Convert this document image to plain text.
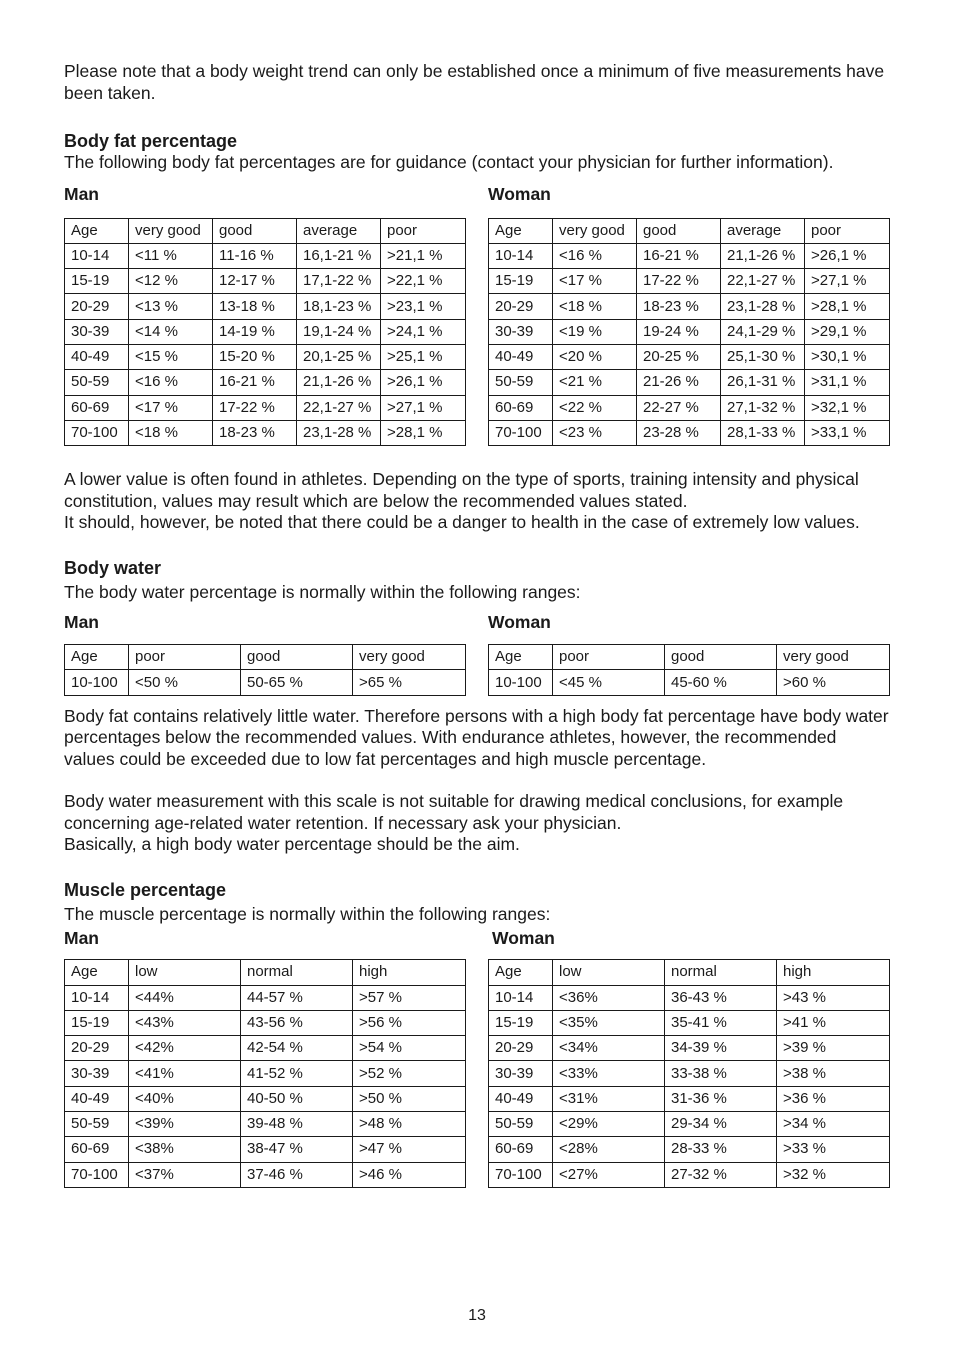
Please note that a body weight trend can only be established once a minimum of five measurements have been taken.

Body fat percentage

The following body fat percentages are for guidance (contact your physician for further information).

Man
Age	very good	good	average	poor
10-14	<11 %	11-16 %	16,1-21 %	>21,1 %
15-19	<12 %	12-17 %	17,1-22 %	>22,1 %
20-29	<13 %	13-18 %	18,1-23 %	>23,1 %
30-39	<14 %	14-19 %	19,1-24 %	>24,1 %
40-49	<15 %	15-20 %	20,1-25 %	>25,1 %
50-59	<16 %	16-21 %	21,1-26 %	>26,1 %
60-69	<17 %	17-22 %	22,1-27 %	>27,1 %
70-100	<18 %	18-23 %	23,1-28 %	>28,1 %
Woman
Age	very good	good	average	poor
10-14	<16 %	16-21 %	21,1-26 %	>26,1 %
15-19	<17 %	17-22 %	22,1-27 %	>27,1 %
20-29	<18 %	18-23 %	23,1-28 %	>28,1 %
30-39	<19 %	19-24 %	24,1-29 %	>29,1 %
40-49	<20 %	20-25 %	25,1-30 %	>30,1 %
50-59	<21 %	21-26 %	26,1-31 %	>31,1 %
60-69	<22 %	22-27 %	27,1-32 %	>32,1 %
70-100	<23 %	23-28 %	28,1-33 %	>33,1 %

A lower value is often found in athletes. Depending on the type of sports, training intensity and physical constitution, values may result which are below the recommended values stated.

It should, however, be noted that there could be a danger to health in the case of extremely low values.

Body water

The body water percentage is normally within the following ranges:

Man
Age	poor	good	very good
10-100	<50 %	50-65 %	>65 %
Woman
Age	poor	good	very good
10-100	<45 %	45-60 %	>60 %

Body fat contains relatively little water. Therefore persons with a high body fat percentage have body water percentages below the recommended values. With endurance athletes, however, the recommended values could be exceeded due to low fat percentages and high muscle percentage.

Body water measurement with this scale is not suitable for drawing medical conclusions, for example concerning age-related water retention. If necessary ask your physician.

Basically, a high body water percentage should be the aim.

Muscle percentage

The muscle percentage is normally within the following ranges:

Man
Age	low	normal	high
10-14	<44%	44-57 %	>57 %
15-19	<43%	43-56 %	>56 %
20-29	<42%	42-54 %	>54 %
30-39	<41%	41-52 %	>52 %
40-49	<40%	40-50 %	>50 %
50-59	<39%	39-48 %	>48 %
60-69	<38%	38-47 %	>47 %
70-100	<37%	37-46 %	>46 %
Woman
Age	low	normal	high
10-14	<36%	36-43 %	>43 %
15-19	<35%	35-41 %	>41 %
20-29	<34%	34-39 %	>39 %
30-39	<33%	33-38 %	>38 %
40-49	<31%	31-36 %	>36 %
50-59	<29%	29-34 %	>34 %
60-69	<28%	28-33 %	>33 %
70-100	<27%	27-32 %	>32 %
13
